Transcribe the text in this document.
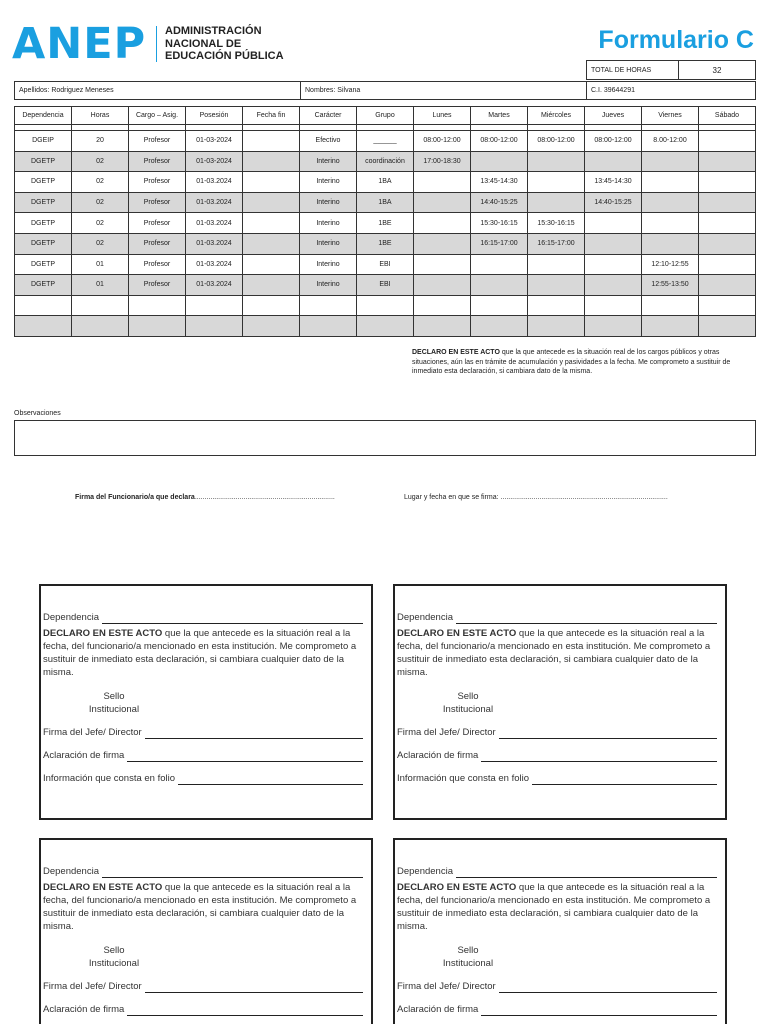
ANEP ADMINISTRACIÓN
NACIONAL DE
EDUCACIÓN PÚBLICA
Formulario C
TOTAL DE HORAS	32
Apellidos:
Rodriguez Meneses	Nombres:
Silvana	C.I.
39644291
Dependencia	Horas	Cargo – Asig.	Posesión	Fecha fin	Carácter	Grupo	Lunes	Martes	Miércoles	Jueves	Viernes	Sábado

DGEIP	20	Profesor	01-03-2024		Efectivo	______	08:00-12:00	08:00-12:00	08:00-12:00	08:00-12:00	8.00-12:00	
DGETP	02	Profesor	01-03-2024		Interino	coordinación	17:00-18:30					
DGETP	02	Profesor	01-03.2024		Interino	1BA		13:45-14:30		13:45-14:30		
DGETP	02	Profesor	01-03.2024		Interino	1BA		14:40-15:25		14:40-15:25		
DGETP	02	Profesor	01-03.2024		Interino	1BE		15:30-16:15	15:30-16:15			
DGETP	02	Profesor	01-03.2024		Interino	1BE		16:15-17:00	16:15-17:00			
DGETP	01	Profesor	01-03.2024		Interino	EBI					12:10-12:55	
DGETP	01	Profesor	01-03.2024		Interino	EBI					12:55-13:50	

DECLARO EN ESTE ACTO que la que antecede es la situación real de los cargos públicos y otras situaciones, aún las en trámite de acumulación y pasividades a la fecha. Me comprometo a sustituir de inmediato esta declaración, si cambiara dato de la misma.
Observaciones
Firma del Funcionario/a que declara........................................................................	Lugar y fecha en que se firma: ......................................................................................
Dependencia
DECLARO EN ESTE ACTO que la que antecede es la situación real a la fecha, del funcionario/a mencionado en esta institución. Me comprometo a sustituir de inmediato esta declaración, si cambiara cualquier dato de la misma.
Sello Institucional
Firma del Jefe/ Director
Aclaración de firma
Información que consta en folio
Dependencia
DECLARO EN ESTE ACTO que la que antecede es la situación real a la fecha, del funcionario/a mencionado en esta institución. Me comprometo a sustituir de inmediato esta declaración, si cambiara cualquier dato de la misma.
Sello Institucional
Firma del Jefe/ Director
Aclaración de firma
Información que consta en folio
Dependencia
DECLARO EN ESTE ACTO que la que antecede es la situación real a la fecha, del funcionario/a mencionado en esta institución. Me comprometo a sustituir de inmediato esta declaración, si cambiara cualquier dato de la misma.
Sello Institucional
Firma del Jefe/ Director
Aclaración de firma
Dependencia
DECLARO EN ESTE ACTO que la que antecede es la situación real a la fecha, del funcionario/a mencionado en esta institución. Me comprometo a sustituir de inmediato esta declaración, si cambiara cualquier dato de la misma.
Sello Institucional
Firma del Jefe/ Director
Aclaración de firma
